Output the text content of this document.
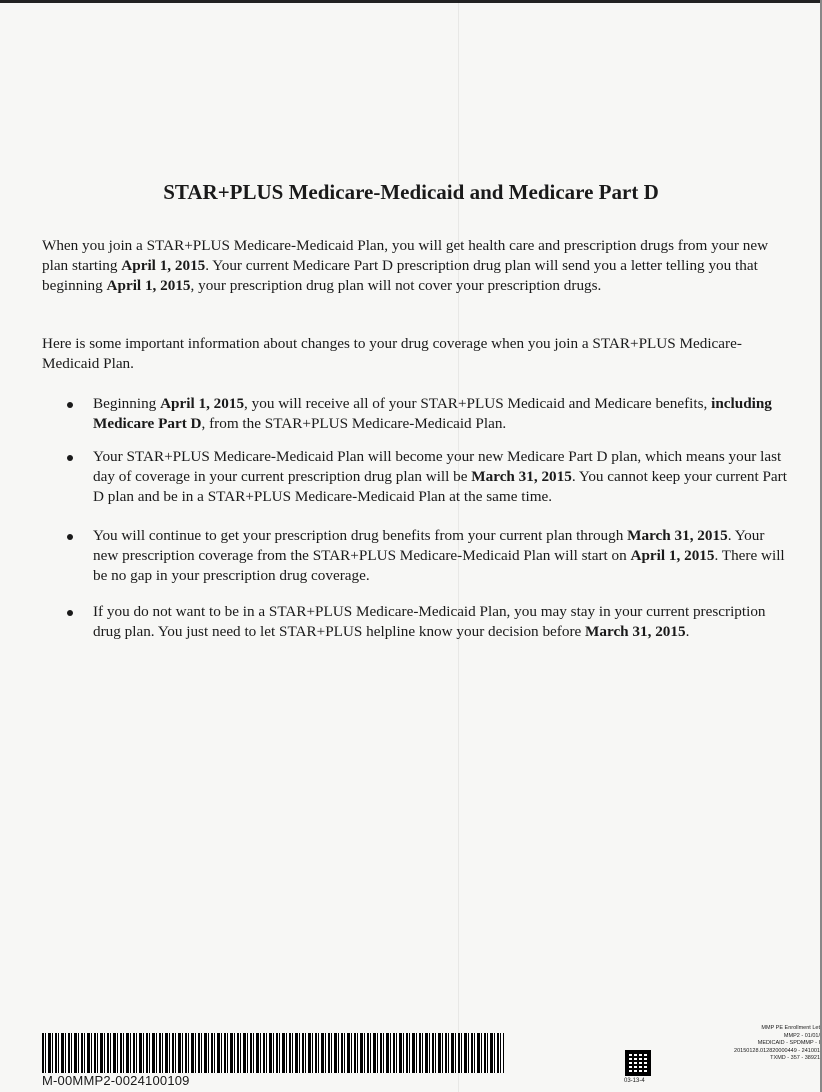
STAR+PLUS Medicare-Medicaid and Medicare Part D

When you join a STAR+PLUS Medicare-Medicaid Plan, you will get health care and prescription drugs from your new plan starting April 1, 2015. Your current Medicare Part D prescription drug plan will send you a letter telling you that beginning April 1, 2015, your prescription drug plan will not cover your prescription drugs.

Here is some important information about changes to your drug coverage when you join a STAR+PLUS Medicare-Medicaid Plan.

Beginning April 1, 2015, you will receive all of your STAR+PLUS Medicaid and Medicare benefits, including Medicare Part D, from the STAR+PLUS Medicare-Medicaid Plan.
Your STAR+PLUS Medicare-Medicaid Plan will become your new Medicare Part D plan, which means your last day of coverage in your current prescription drug plan will be March 31, 2015. You cannot keep your current Part D plan and be in a STAR+PLUS Medicare-Medicaid Plan at the same time.
You will continue to get your prescription drug benefits from your current plan through March 31, 2015. Your new prescription coverage from the STAR+PLUS Medicare-Medicaid Plan will start on April 1, 2015. There will be no gap in your prescription drug coverage.
If you do not want to be in a STAR+PLUS Medicare-Medicaid Plan, you may stay in your current prescription drug plan. You just need to let STAR+PLUS helpline know your decision before March 31, 2015.
M-00MMP2-0024100109	03-13-4
MMP PE Enrollment Let
MMP2 - 01/01/
MEDICAID - SPDMMP - I
20150128.012820000449 - 241001
TXMD - 357 - 38921
